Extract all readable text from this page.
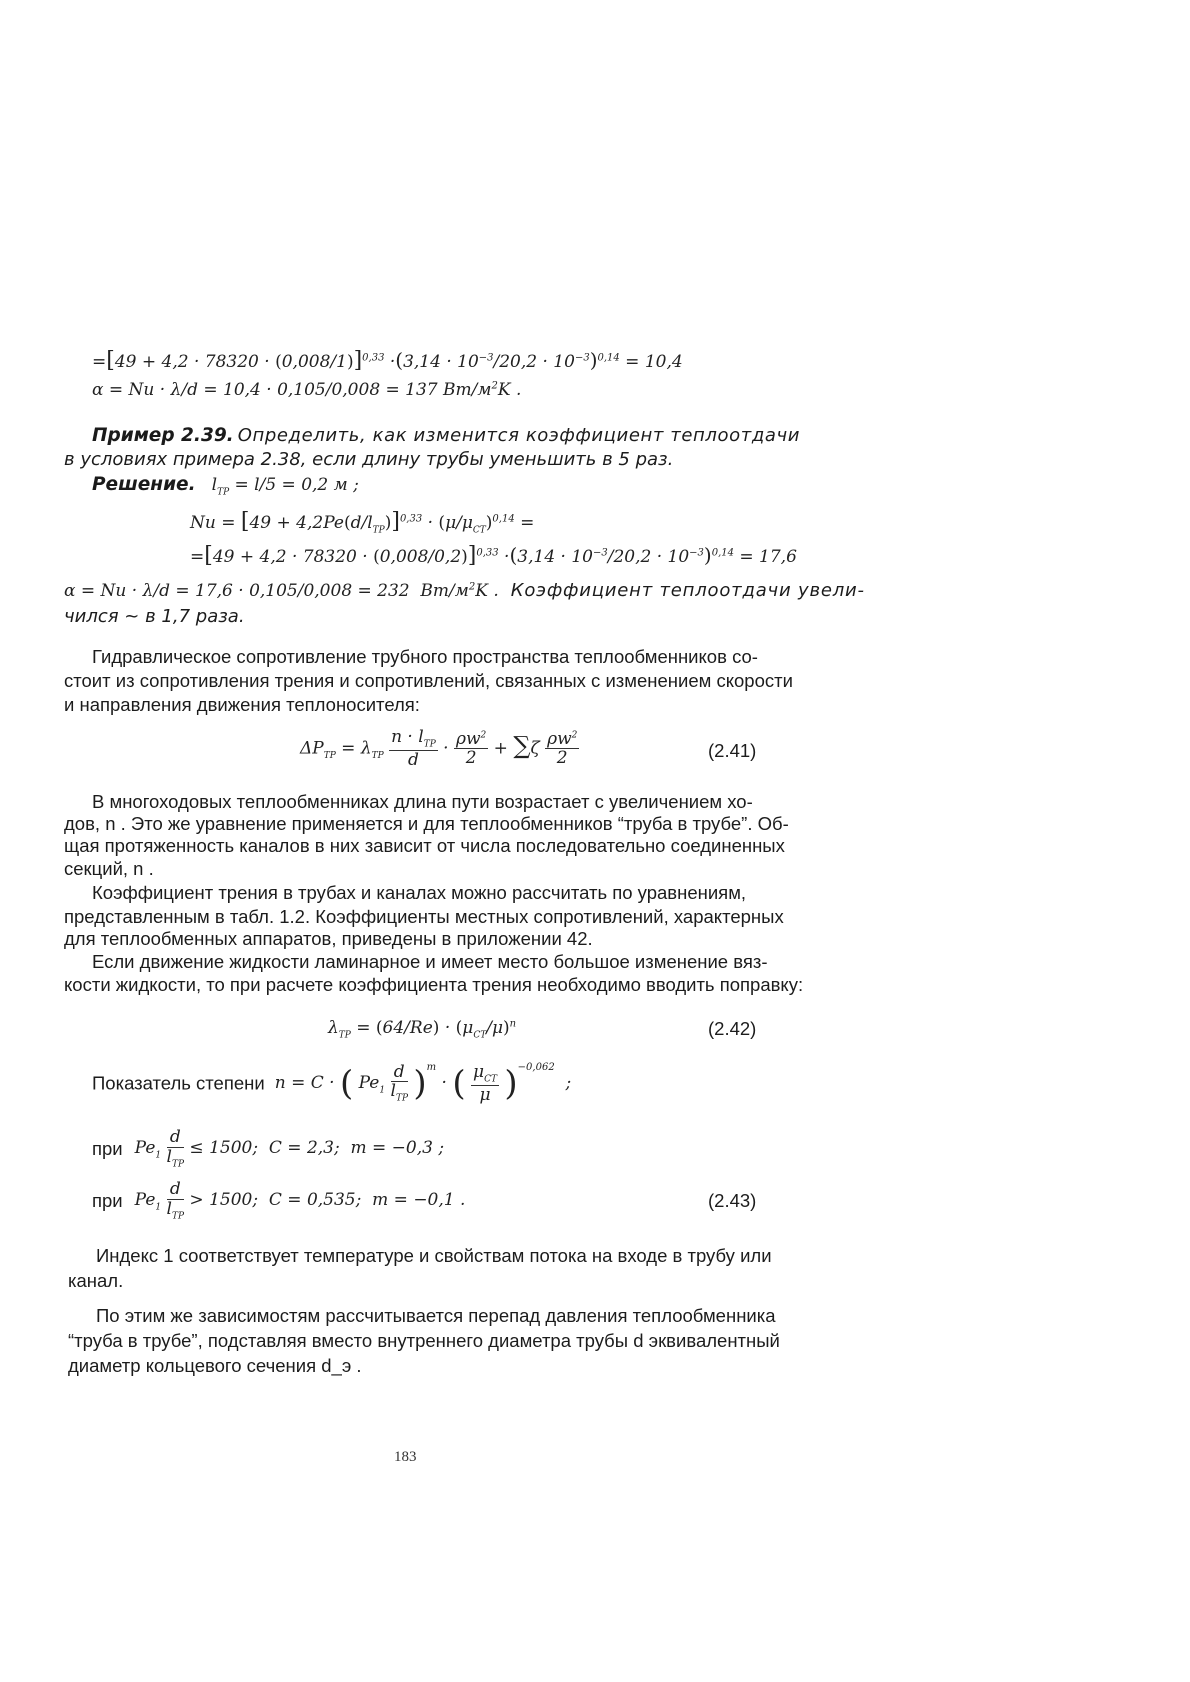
$=[49 + 4,2 \cdot 78320 \cdot (0,008/1)]^{0,33} \cdot(3,14 \cdot 10^{-3}/20,2 \cdot 10^{-3})^{0,14} = 10,4$
α = Nu · λ/d = 10,4 · 0,105/0,008 = 137 $Вт/м^2K$ .
Пример 2.39. Определить, как изменится коэффициент теплоотдачи
в условиях примера 2.38, если длину трубы уменьшить в 5 раз.
Решение. $l_{ТР} = l/5 = 0,2$ м ;
$Nu = [49 + 4,2Pe(d/l_{ТР})]^{0,33} \cdot (\mu/\mu_{СТ})^{0,14}$ =
$=[49 + 4,2 \cdot 78320 \cdot (0,008/0,2)]^{0,33} \cdot(3,14 \cdot 10^{-3}/20,2 \cdot 10^{-3})^{0,14} = 17,6$
α = Nu · λ/d = 17,6 · 0,105/0,008 = 232  $Вт/м^2K$ . Коэффициент теплоотдачи увели-
чился ~ в 1,7 раза.
Гидравлическое сопротивление трубного пространства теплообменников со-
стоит из сопротивления трения и сопротивлений, связанных с изменением скорости
и направления движения теплоносителя:
$\Delta P_{ТР} = \lambda_{ТР} \frac{n \cdot l_{ТР}}{d} \cdot \frac{\rho w^2}{2} + \sum\zeta \frac{\rho w^2}{2}$	(2.41)
В многоходовых теплообменниках длина пути возрастает с увеличением хо-
дов, n . Это же уравнение применяется и для теплообменников “труба в трубе”. Об-
щая протяженность каналов в них зависит от числа последовательно соединенных
секций, n .
Коэффициент трения в трубах и каналах можно рассчитать по уравнениям,
представленным в табл. 1.2. Коэффициенты местных сопротивлений, характерных
для теплообменных аппаратов, приведены в приложении 42.
Если движение жидкости ламинарное и имеет место большое изменение вяз-
кости жидкости, то при расчете коэффициента трения необходимо вводить поправку:
$\lambda_{ТР} = (64/Re) \cdot (\mu_{СТ}/\mu)^n$	(2.42)
Показатель степени n = C · ( $Pe_1 \frac{d}{l_{ТР}} )^m$ · ( $\frac{\mu_{СТ}}{\mu} )^{-0,062}$  ;
при $Pe_1 \frac{d}{l_{ТР}} \le 1500$;  C = 2,3;  m = −0,3 ;
при $Pe_1 \frac{d}{l_{ТР}} > 1500$;  C = 0,535;  m = −0,1 .	(2.43)
Индекс 1 соответствует температуре и свойствам потока на входе в трубу или
канал.
По этим же зависимостям рассчитывается перепад давления теплообменника
“труба в трубе”, подставляя вместо внутреннего диаметра трубы d эквивалентный
диаметр кольцевого сечения d_э .
183
